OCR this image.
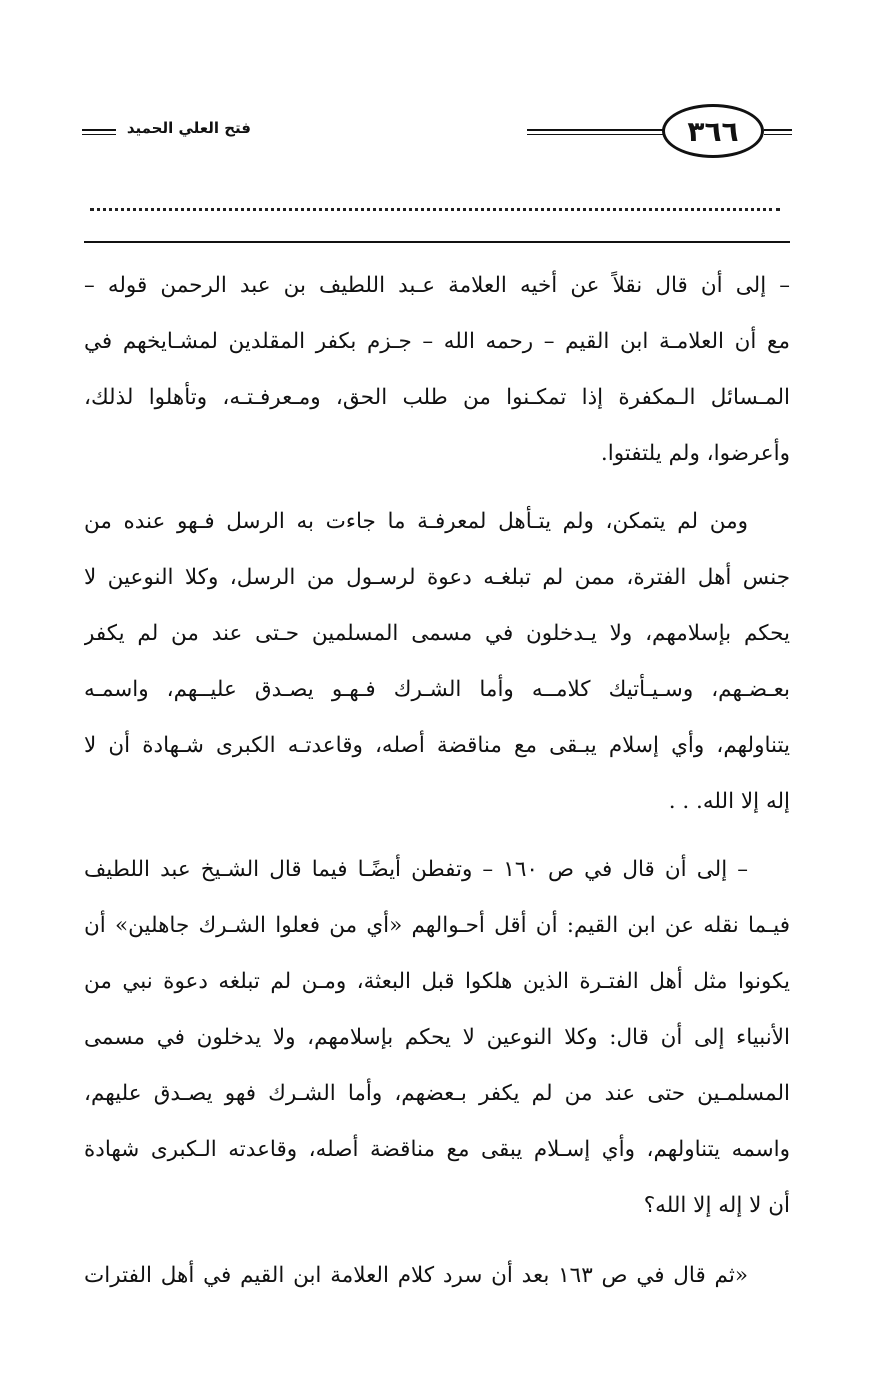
فتح العلي الحميد	٣٦٦
– إلى أن قال نقلاً عن أخيه العلامة عـبد اللطيف بن عبد الرحمن قوله –
مع أن العلامـة ابن القيم – رحمه الله – جـزم بكفر المقلدين لمشـايخهم في
المـسائل الـمكفرة إذا تمكـنوا من طلب الحق، ومـعرفـتـه، وتأهلوا لذلك،
وأعرضوا، ولم يلتفتوا.
ومن لم يتمكن، ولم يتـأهل لمعرفـة ما جاءت به الرسل فـهو عنده من
جنس أهل الفترة، ممن لم تبلغـه دعوة لرسـول من الرسل، وكلا النوعين لا
يحكم بإسلامهم، ولا يـدخلون في مسمى المسلمين حـتى عند من لم يكفر
بعـضـهم، وسـيـأتيك كلامــه وأما الشـرك فـهـو يصـدق عليــهم، واسمـه
يتناولهم، وأي إسلام يبـقى مع مناقضة أصله، وقاعدتـه الكبرى شـهادة أن لا
إله إلا الله. . .
– إلى أن قال في ص ١٦٠ – وتفطن أيضًـا فيما قال الشـيخ عبد اللطيف
فيـما نقله عن ابن القيم: أن أقل أحـوالهم «أي من فعلوا الشـرك جاهلين» أن
يكونوا مثل أهل الفتـرة الذين هلكوا قبل البعثة، ومـن لم تبلغه دعوة نبي من
الأنبياء إلى أن قال: وكلا النوعين لا يحكم بإسلامهم، ولا يدخلون في مسمى
المسلمـين حتى عند من لم يكفر بـعضهم، وأما الشـرك فهو يصـدق عليهم،
واسمه يتناولهم، وأي إسـلام يبقى مع مناقضة أصله، وقاعدته الـكبرى شهادة
أن لا إله إلا الله؟
«ثم قال في ص ١٦٣ بعد أن سرد كلام العلامة ابن القيم في أهل الفترات
